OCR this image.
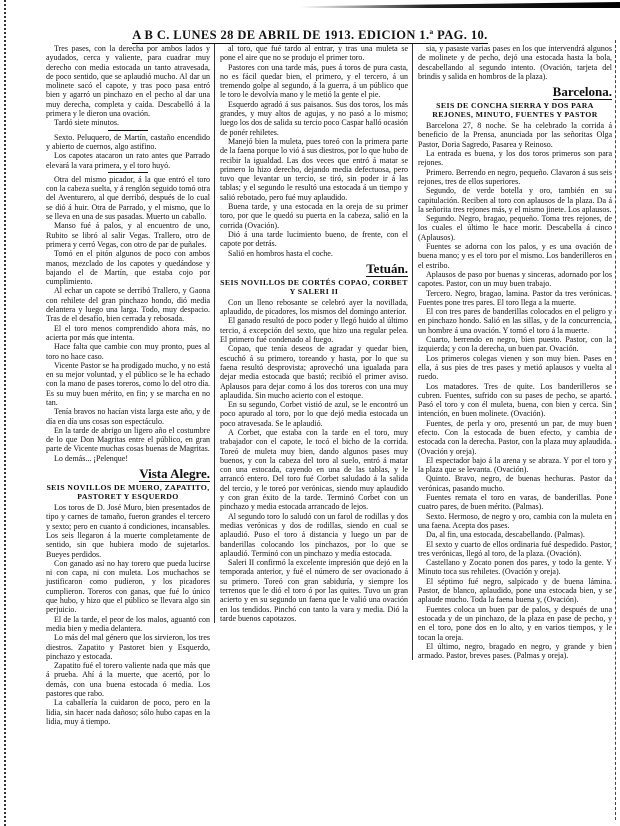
A B C. LUNES 28 DE ABRIL DE 1913. EDICION 1.ª PAG. 10.

Tres pases, con la derecha por ambos lados y ayudados, cerca y valiente, para cuadrar muy derecho con media estocada un tanto atravesada, de poco sentido, que se aplaudió mucho. Al dar un molinete sacó el capote, y tras poco pasa entró bien y agarró un pinchazo en el pecho al dar una muy derecha, completa y caída. Descabelló á la primera y le dieron una ovación.

Tardó siete minutos.

Sexto. Peluquero, de Martín, castaño encendido y abierto de cuernos, algo astifino.

Los capotes atacaron un rato antes que Parrado elevará la vara primera, y el toro huyó.

Otra del mismo picador, á la que entró el toro con la cabeza suelta, y á renglón seguido tomó otra del Aventurero, al que derribó, después de lo cual se dió á huir. Otra de Parrado, y el mismo, que lo se lleva en una de sus pasadas. Muerto un caballo.

Manso fué á palos, y al encuentro de uno, Rubito se libró al salir Vegas. Trallero, otro de primera y cerró Vegas, con otro de par de puñales.

Tomó en el pitón algunos de poco con ambos manos, mezclado de los capotes y quedándose y bajando el de Martín, que estaba cojo por cumplimiento.

Al echar un capote se derribó Trallero, y Gaona con rehilete del gran pinchazo hondo, dió media delantera y luego una larga. Todo, muy despacio. Tras de el desafío, bien cerrada y rebosada.

El el toro menos comprendido ahora más, no acierta por más que intenta.

Hace falta que cambie con muy pronto, pues al toro no hace caso.

Vicente Pastor se ha prodigado mucho, y no está en su mejor voluntad, y el público se le ha echado con la mano de pases toreros, como lo del otro día. Es su muy buen mérito, en fin; y se marcha en no tan.

Tenía bravos no hacían vista larga este año, y de día en día uns cosas son espectáculo.

En la tarde de abrigo un ligero año el costumbre de lo que Don Magritas entre el público, en gran parte de Vicente muchas cosas buenas de Magritas.

Lo demás... ¡Pelenque!

Vista Alegre.
SEIS NOVILLOS DE MUERO, ZAPATITO, PASTORET Y ESQUERDO

Los toros de D. José Muro, bien presentados de tipo y carnes de tamaño, fueron grandes el tercero y sexto; pero en cuanto á condiciones, incansables. Los seis llegaron á la muerte completamente de sentido, sin que hubiera modo de sujetarlos. Bueyes perdidos.

Con ganado así no hay torero que pueda lucirse ni con capa, ni con muleta. Los muchachos se justificaron como pudieron, y los picadores cumplieron. Toreros con ganas, que fué lo único que hubo, y hizo que el público se llevara algo sin perjuicio.

El de la tarde, el peor de los malos, aguantó con media bien y media delantera.

Lo más del mal género que los sirvieron, los tres diestros. Zapatito y Pastoret bien y Esquerdo, pinchazo y estocada.

Zapatito fué el torero valiente nada que más que á prueba. Ahí á la muerte, que acertó, por lo demás, con una buena estocada ó media. Los pastores que rabo.

La caballería la cuidaron de poco, pero en la lidia, sin hacer nada dañoso; sólo hubo capas en la lidia, muy á tiempo.

al toro, que fué tardo al entrar, y tras una muleta se pone el aire que no se produjo el primer toro.

Pastores con una tarde más, pues á toros de pura casta, no es fácil quedar bien, el primero, y el tercero, á un tremendo golpe al segundo, á la guerra, á un público que le toro le devolvía mano y le metió la gente el pie.

Esquerdo agradó á sus paisanos. Sus dos toros, los más grandes, y muy altos de agujas, y no pasó a lo mismo; luego los dos de salida su tercio poco Caspar halló ocasión de ponér rehiletes.

Manejó bien la muleta, pues toreó con la primera parte de la faena porque lo vió á sus diestros, por lo que hubo de recibir la igualdad. Las dos veces que entró á matar se primero lo hizo derecho, dejando media defectuosa, pero tuvo que levantar un tercio, se tiró, sin poder ir á las tablas; y el segundo le resultó una estocada á un tiempo y salió rebotado, pero fué muy aplaudido.

Buena tarde, y una estocada en la oreja de su primer toro, por que le quedó su puerta en la cabeza, salió en la corrida (Ovación).

Dió á una tarde lucimiento bueno, de frente, con el capote por detrás.

Salió en hombros hasta el coche.

Tetuán.
SEIS NOVILLOS DE CORTÉS COPAO, CORBET Y SALERI II

Con un lleno rebosante se celebró ayer la novillada, aplaudido, de picadores, los mismos del domingo anterior.

El ganado resultó de poco poder y llegó huido al último tercio, á excepción del sexto, que hizo una regular pelea. El primero fué condenado al fuego.

Copao, que tenía deseos de agradar y quedar bien, escuchó á su primero, toreando y hasta, por lo que su faena resultó desprovista; aprovechó una igualada para dejar media estocada que bastó; recibió el primer aviso. Aplausos para dejar como á los dos toreros con una muy aplaudida. Sin mucho acierto con el estoque.

En su segundo, Corbet vistió de azul, se le encontró un poco apurado al toro, por lo que dejó media estocada un poco atravesada. Se le aplaudió.

A Corbet, que estaba con la tarde en el toro, muy trabajador con el capote, le tocó el bicho de la corrida. Toreó de muleta muy bien, dando algunos pases muy buenos, y con la cabeza del toro al suelo, entró á matar con una estocada, cayendo en una de las tablas, y le arrancó entero. Del toro fué Corbet saludado á la salida del tercio, y le toreó por verónicas, siendo muy aplaudido y con gran éxito de la tarde. Terminó Corbet con un pinchazo y media estocada arrancado de lejos.

Al segundo toro lo saludó con un farol de rodillas y dos medias verónicas y dos de rodillas, siendo en cual se aplaudió. Puso el toro á distancia y luego un par de banderillas colocando los pinchazos, por lo que se aplaudió. Terminó con un pinchazo y media estocada.

Saleri II confirmó la excelente impresión que dejó en la temporada anterior, y fué el número de ser ovacionado á su primero. Toreó con gran sabiduría, y siempre los terrenos que le dió el toro ó por las quites. Tuvo un gran acierto y en su segundo un faena que le valió una ovación en los tendidos. Pinchó con tanto la vara y media. Dió la tarde buenos capotazos.

sia, y pasaste varias pases en los que intervendrá algunos de molinete y de pecho, dejó una estocada hasta la bola, descabellando al segundo intento. (Ovación, tarjeta del brindis y salida en hombros de la plaza).

Barcelona.
SEIS DE CONCHA SIERRA Y DOS PARA REJONES, MINUTO, FUENTES Y PASTOR

Barcelona 27, 8 noche. Se ha celebrado la corrida á beneficio de la Prensa, anunciada por las señoritas Olga Pastor, Doria Sagredo, Pasarea y Reinoso.

La entrada es buena, y los dos toros primeros son para rejones.

Primero. Berrendo en negro, pequeño. Clavaron á sus seis rejones, tres de ellos superiores.

Segundo, de verde botella y oro, también en su capitulación. Reciben al toro con aplausos de la plaza. Da á la señorita tres rejones más, y el mismo jinete. Los aplausos.

Segundo. Negro, bragao, pequeño. Toma tres rejones, de los cuales el último le hace morir. Descabella á cinco (Aplausos).

Fuentes se adorna con los palos, y es una ovación de buena mano; y es el toro por el mismo. Los banderilleros en el estribo.

Aplausos de paso por buenas y sinceras, adornado por los capotes. Pastor, con un muy buen trabajo.

Tercero. Negro, bragao, lamina. Pastor da tres verónicas. Fuentes pone tres pares. El toro llega a la muerte.

El con tres pares de banderillas colocados en el peligro y en pinchazo hondo. Salió en las sillas, y de la concurrencia, un hombre á una ovación. Y tornó el toro á la muerte.

Cuarto, berrendo en negro, bien puesto. Pastor, con la izquierda; y con la derecha, un buen par. Ovación.

Los primeros colegas vienen y son muy bien. Pases en ella, á sus pies de tres pases y metió aplausos y vuelta al ruedo.

Los matadores. Tres de quite. Los banderilleros se cubren. Fuentes, sufrido con su pases de pecho, se apartó. Pasó el toro y con él muleta, buena, con bien y cerca. Sin intención, en buen molinete. (Ovación).

Fuentes, de perla y oro, presentó un par, de muy buen efecto. Con la estocada de buen efecto, y cambia de estocada con la derecha. Pastor, con la plaza muy aplaudida. (Ovación y oreja).

El espectador bajo á la arena y se abraza. Y por el toro y la plaza que se levanta. (Ovación).

Quinto. Bravo, negro, de buenas hechuras. Pastor da verónicas, pasando mucho.

Fuentes remata el toro en varas, de banderillas. Pone cuatro pares, de buen mérito. (Palmas).

Sexto. Hermoso, de negro y oro, cambia con la muleta en una faena. Acepta dos pases.

Da, al fin, una estocada, descabellando. (Palmas).

El sexto y cuarto de ellos ordinaria fué despedido. Pastor, tres verónicas, llegó al toro, de la plaza. (Ovación).

Castellano y Zocato ponen dos pares, y todo la gente. Y Minuto toca sus rehiletes. (Ovación y oreja).

El séptimo fué negro, salpicado y de buena lámina. Pastor, de blanco, aplaudido, pone una estocada bien, y se aplaude mucho. Toda la faena buena y, (Ovación).

Fuentes coloca un buen par de palos, y después de una estocada y de un pinchazo, de la plaza en pase de pecho, y en el toro, pone dos en lo alto, y en varios tiempos, y le tocan la oreja.

El último, negro, bragado en negro, y grande y bien armado. Pastor, breves pases. (Palmas y oreja).
